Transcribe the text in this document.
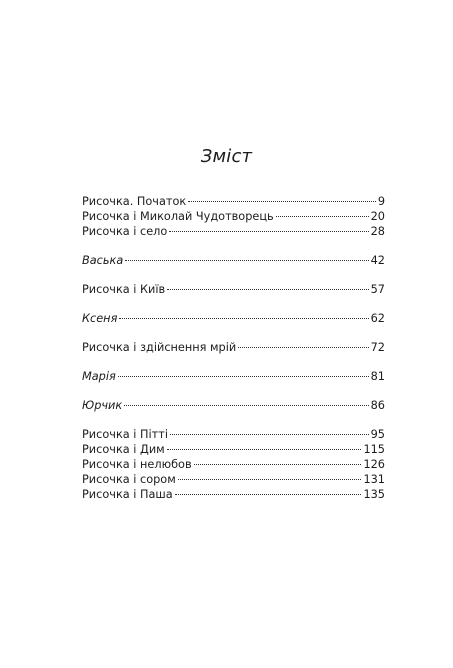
Зміст
Рисочка. Початок	9
Рисочка і Миколай Чудотворець	20
Рисочка і село	28
Васька	42
Рисочка і Київ	57
Ксеня	62
Рисочка і здійснення мрій	72
Марія	81
Юрчик	86
Рисочка і Пітті	95
Рисочка і Дим	115
Рисочка і нелюбов	126
Рисочка і сором	131
Рисочка і Паша	135
